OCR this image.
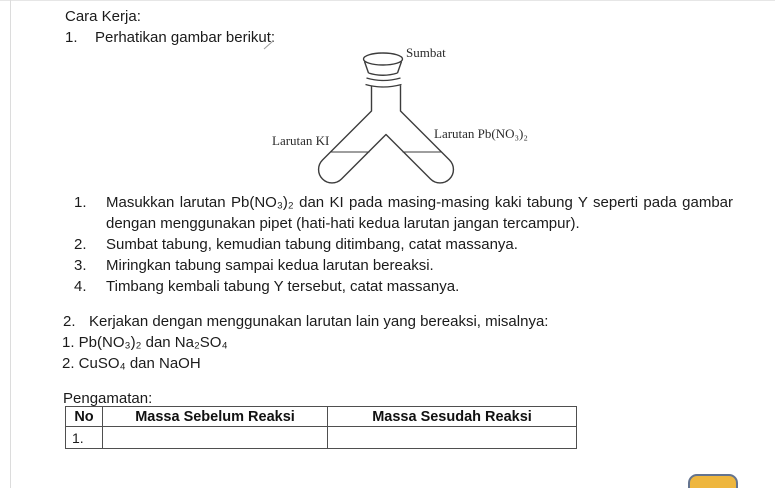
Cara Kerja:
1.	Perhatikan gambar berikut:
Sumbat
Larutan KI	Larutan Pb(NO₃)₂
1.	Masukkan larutan Pb(NO₃)₂ dan KI pada masing-masing kaki tabung Y seperti pada gambar dengan menggunakan pipet (hati-hati kedua larutan jangan tercampur).
2.	Sumbat tabung, kemudian tabung ditimbang, catat massanya.
3.	Miringkan tabung sampai kedua larutan bereaksi.
4.	Timbang kembali tabung Y tersebut, catat massanya.
2. Kerjakan dengan menggunakan larutan lain yang bereaksi, misalnya:
1. Pb(NO₃)₂ dan Na₂SO₄
2. CuSO₄ dan NaOH
Pengamatan:
No	Massa Sebelum Reaksi	Massa Sesudah Reaksi
1.		
